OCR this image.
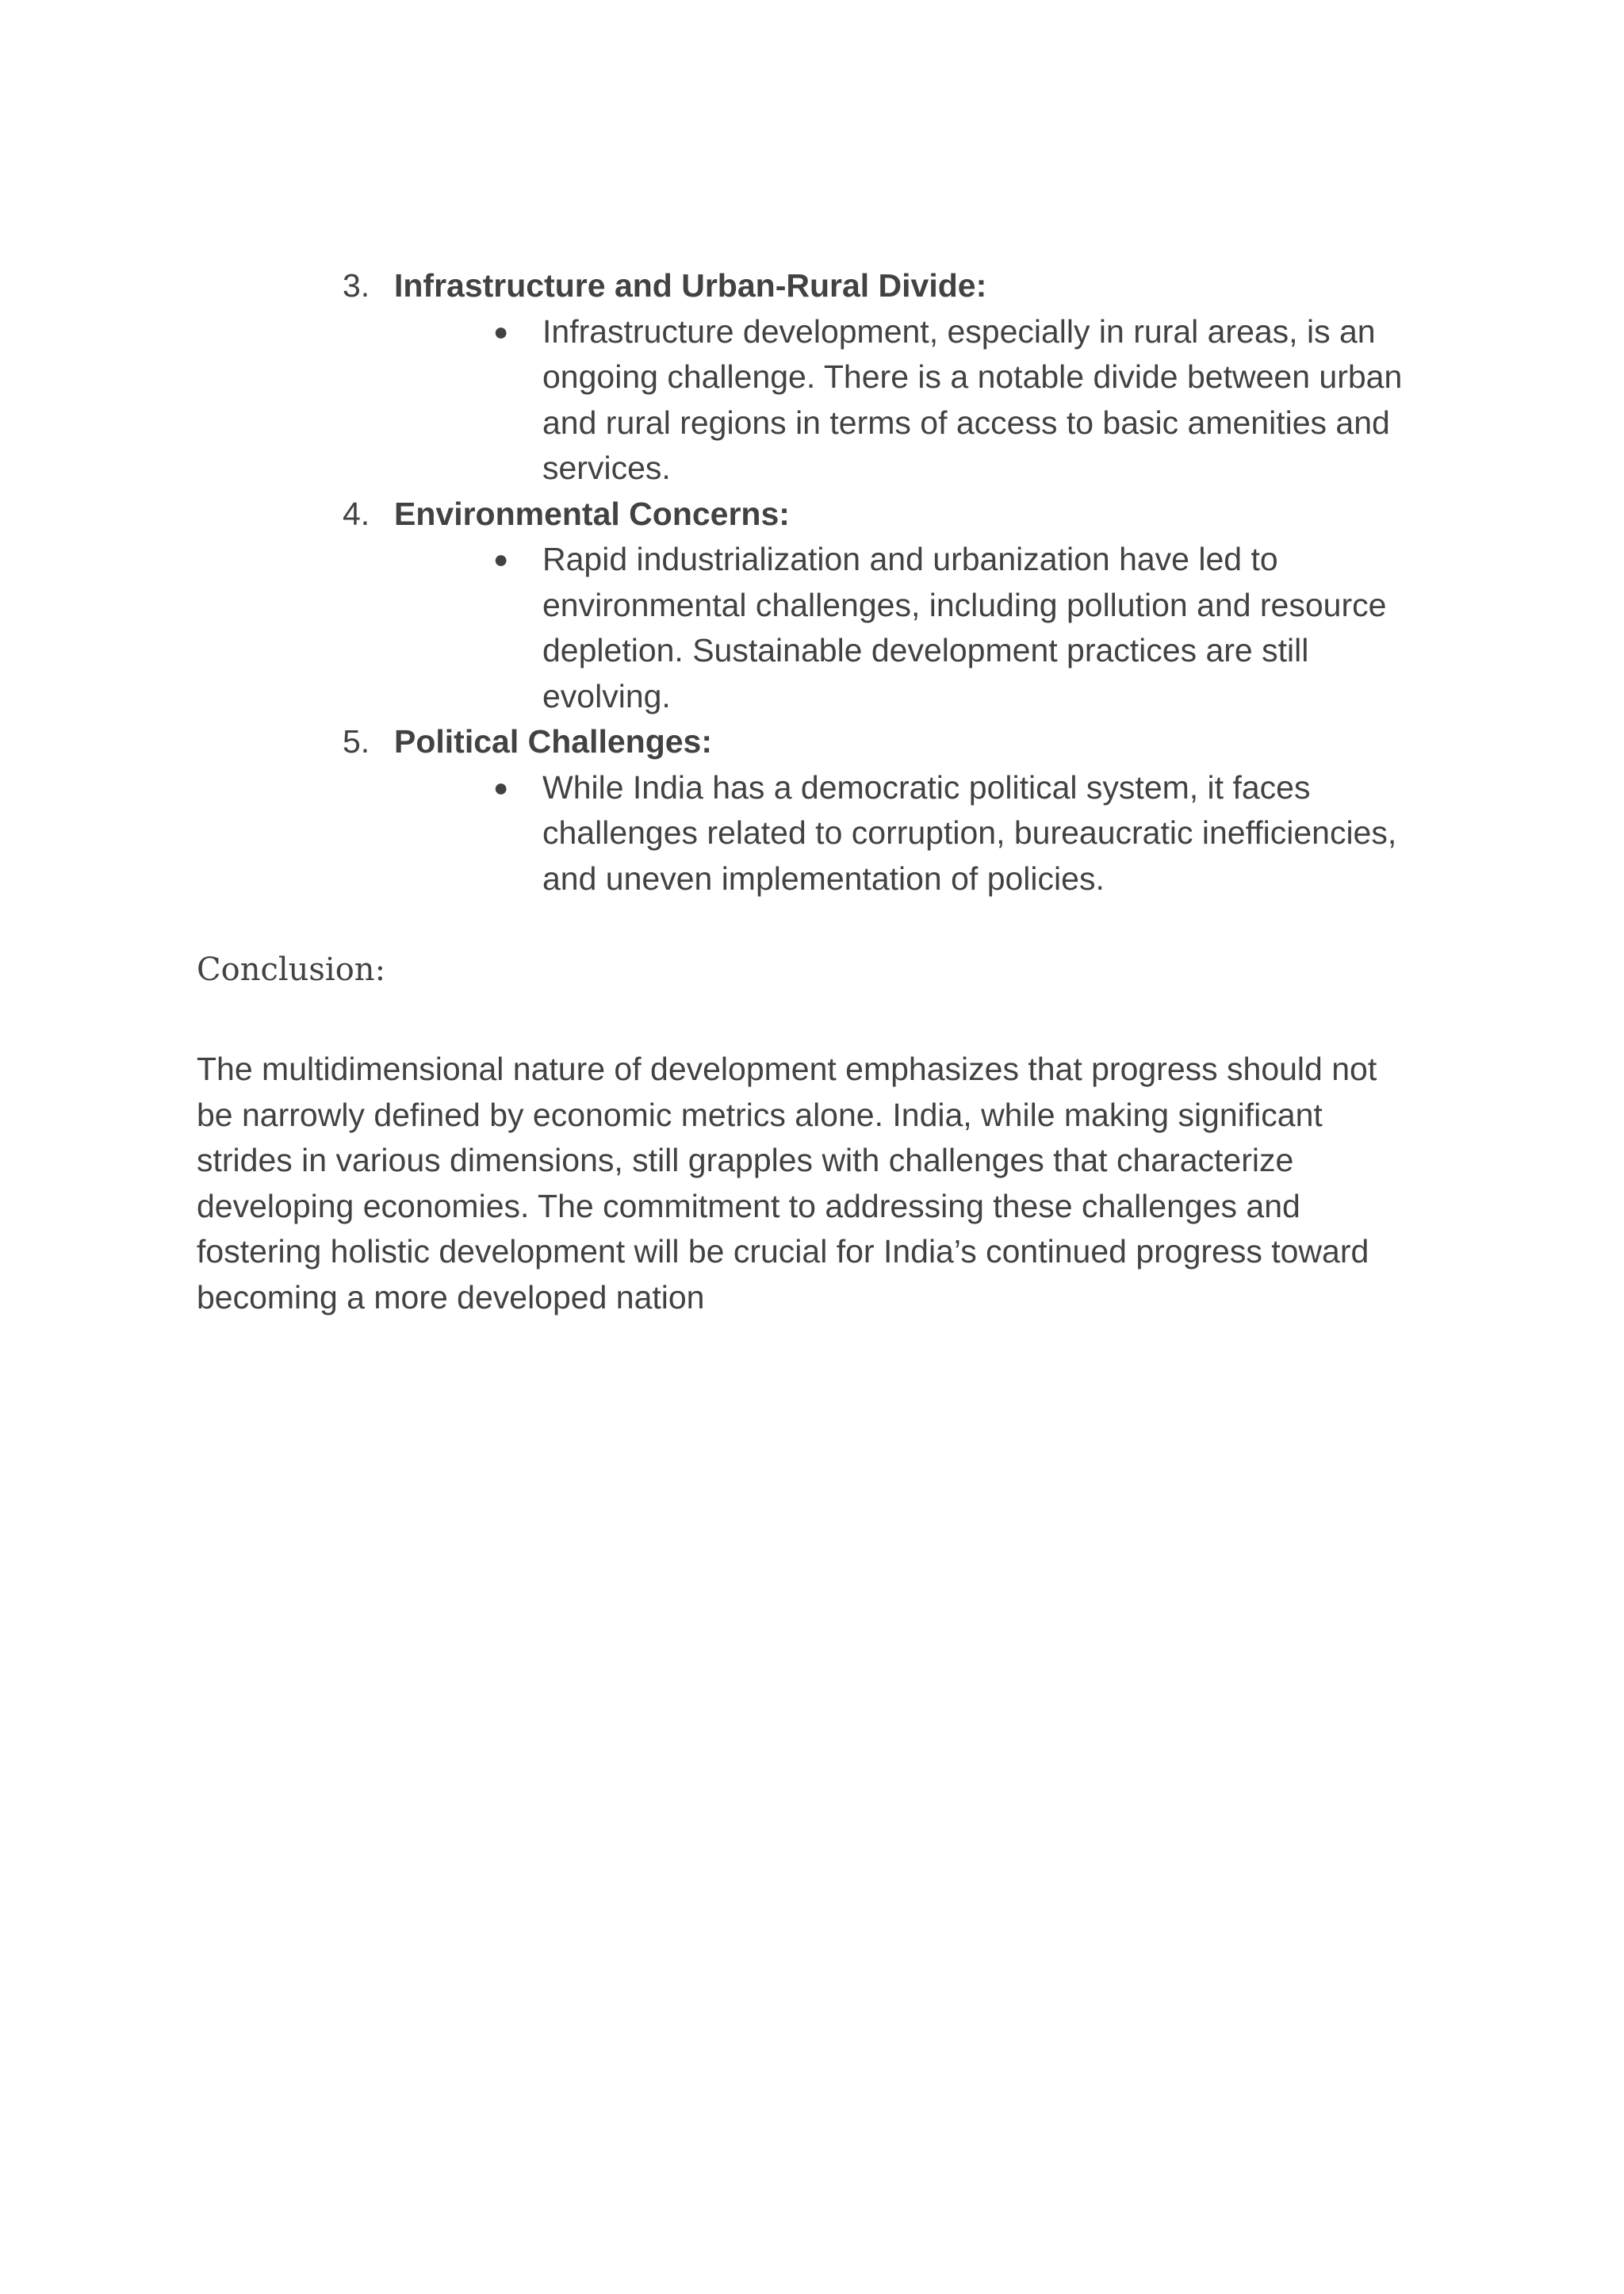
3. Infrastructure and Urban-Rural Divide:
● Infrastructure development, especially in rural areas, is an
ongoing challenge. There is a notable divide between urban
and rural regions in terms of access to basic amenities and
services.
4. Environmental Concerns:
● Rapid industrialization and urbanization have led to
environmental challenges, including pollution and resource
depletion. Sustainable development practices are still
evolving.
5. Political Challenges:
● While India has a democratic political system, it faces
challenges related to corruption, bureaucratic inefficiencies,
and uneven implementation of policies.
Conclusion:
The multidimensional nature of development emphasizes that progress should not
be narrowly defined by economic metrics alone. India, while making significant
strides in various dimensions, still grapples with challenges that characterize
developing economies. The commitment to addressing these challenges and
fostering holistic development will be crucial for India’s continued progress toward
becoming a more developed nation
